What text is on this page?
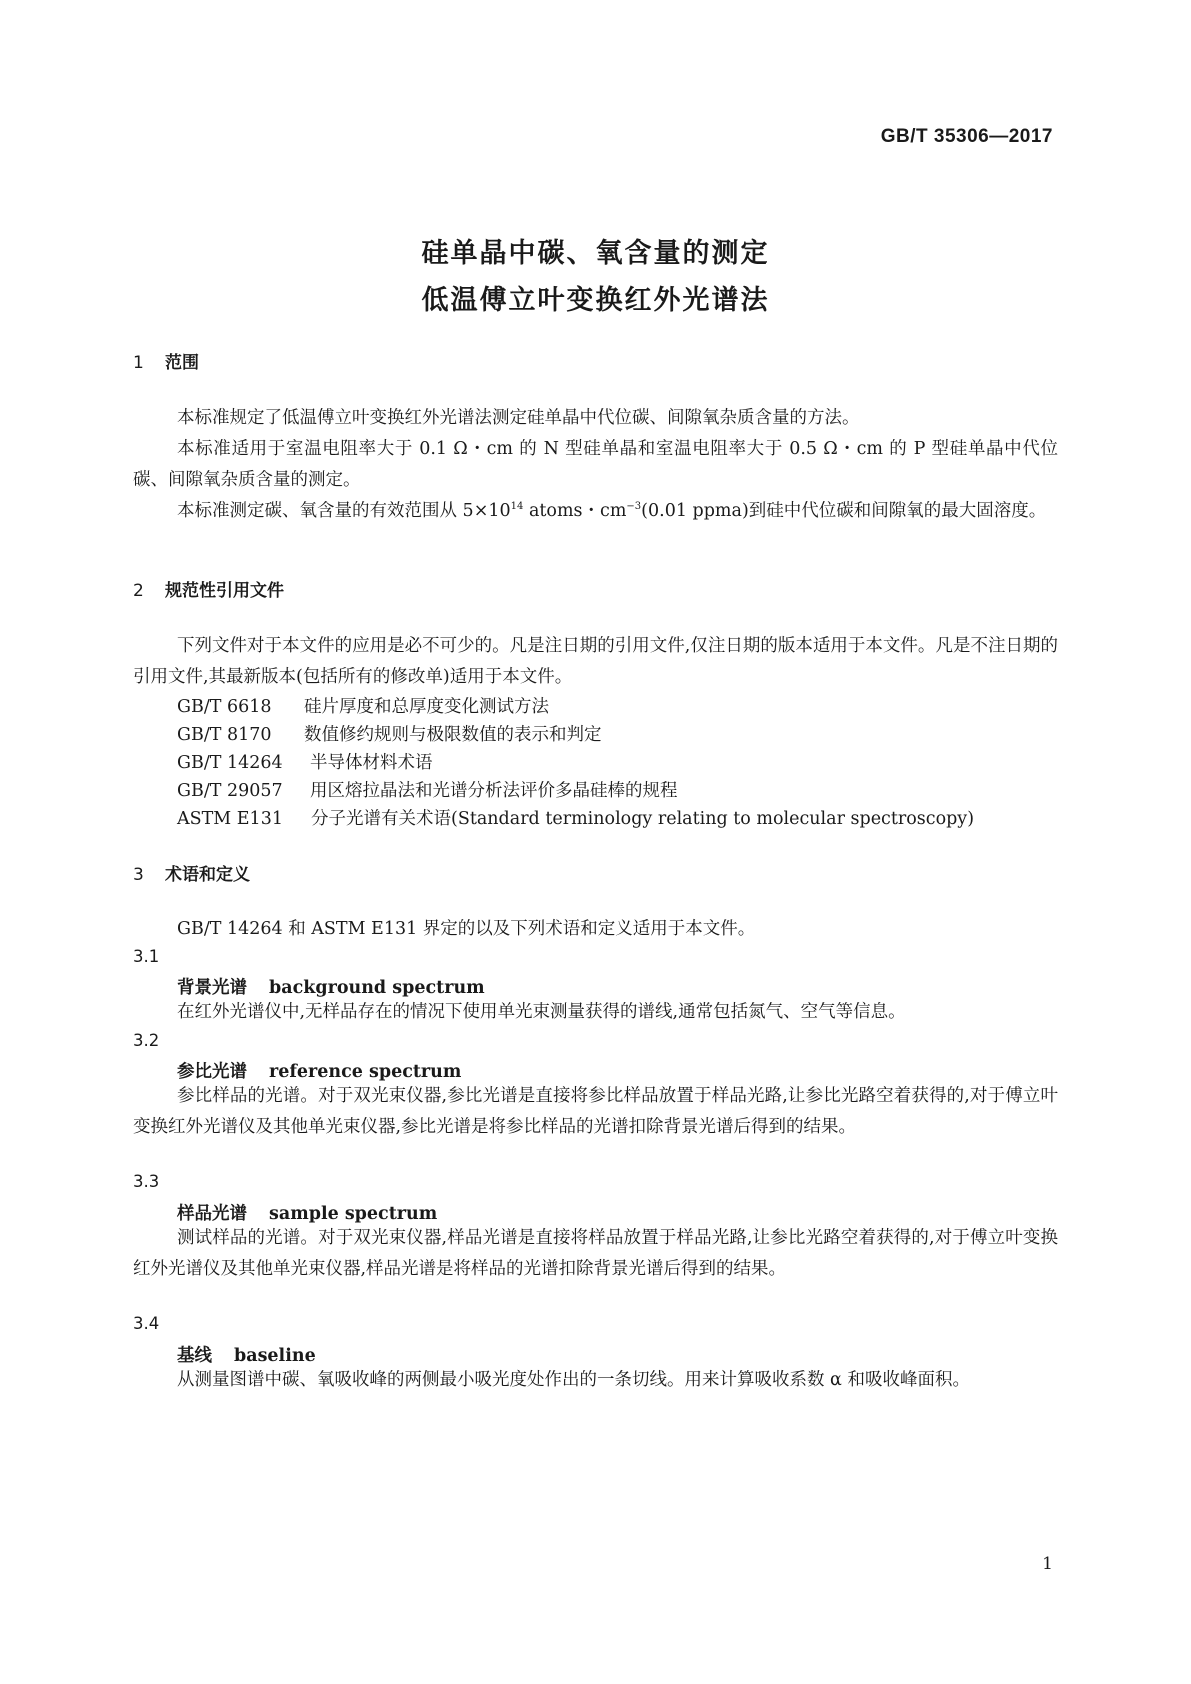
GB/T 35306—2017
硅单晶中碳、氧含量的测定
低温傅立叶变换红外光谱法
1 范围
本标准规定了低温傅立叶变换红外光谱法测定硅单晶中代位碳、间隙氧杂质含量的方法。
本标准适用于室温电阻率大于 0.1 Ω・cm 的 N 型硅单晶和室温电阻率大于 0.5 Ω・cm 的 P 型硅单晶中代位碳、间隙氧杂质含量的测定。
本标准测定碳、氧含量的有效范围从 $5\times 10^{14}$ atoms・$cm^{-3}(0.01$ ppma)到硅中代位碳和间隙氧的最大固溶度。
2 规范性引用文件
下列文件对于本文件的应用是必不可少的。凡是注日期的引用文件,仅注日期的版本适用于本文件。凡是不注日期的引用文件,其最新版本(包括所有的修改单)适用于本文件。
GB/T 6618 硅片厚度和总厚度变化测试方法
GB/T 8170 数值修约规则与极限数值的表示和判定
GB/T 14264 半导体材料术语
GB/T 29057 用区熔拉晶法和光谱分析法评价多晶硅棒的规程
ASTM E131 分子光谱有关术语(Standard terminology relating to molecular spectroscopy)
3 术语和定义
GB/T 14264 和 ASTM E131 界定的以及下列术语和定义适用于本文件。
3.1
背景光谱 background spectrum
在红外光谱仪中,无样品存在的情况下使用单光束测量获得的谱线,通常包括氮气、空气等信息。
3.2
参比光谱 reference spectrum
参比样品的光谱。对于双光束仪器,参比光谱是直接将参比样品放置于样品光路,让参比光路空着获得的,对于傅立叶变换红外光谱仪及其他单光束仪器,参比光谱是将参比样品的光谱扣除背景光谱后得到的结果。
3.3
样品光谱 sample spectrum
测试样品的光谱。对于双光束仪器,样品光谱是直接将样品放置于样品光路,让参比光路空着获得的,对于傅立叶变换红外光谱仪及其他单光束仪器,样品光谱是将样品的光谱扣除背景光谱后得到的结果。
3.4
基线 baseline
从测量图谱中碳、氧吸收峰的两侧最小吸光度处作出的一条切线。用来计算吸收系数 α 和吸收峰面积。
1
